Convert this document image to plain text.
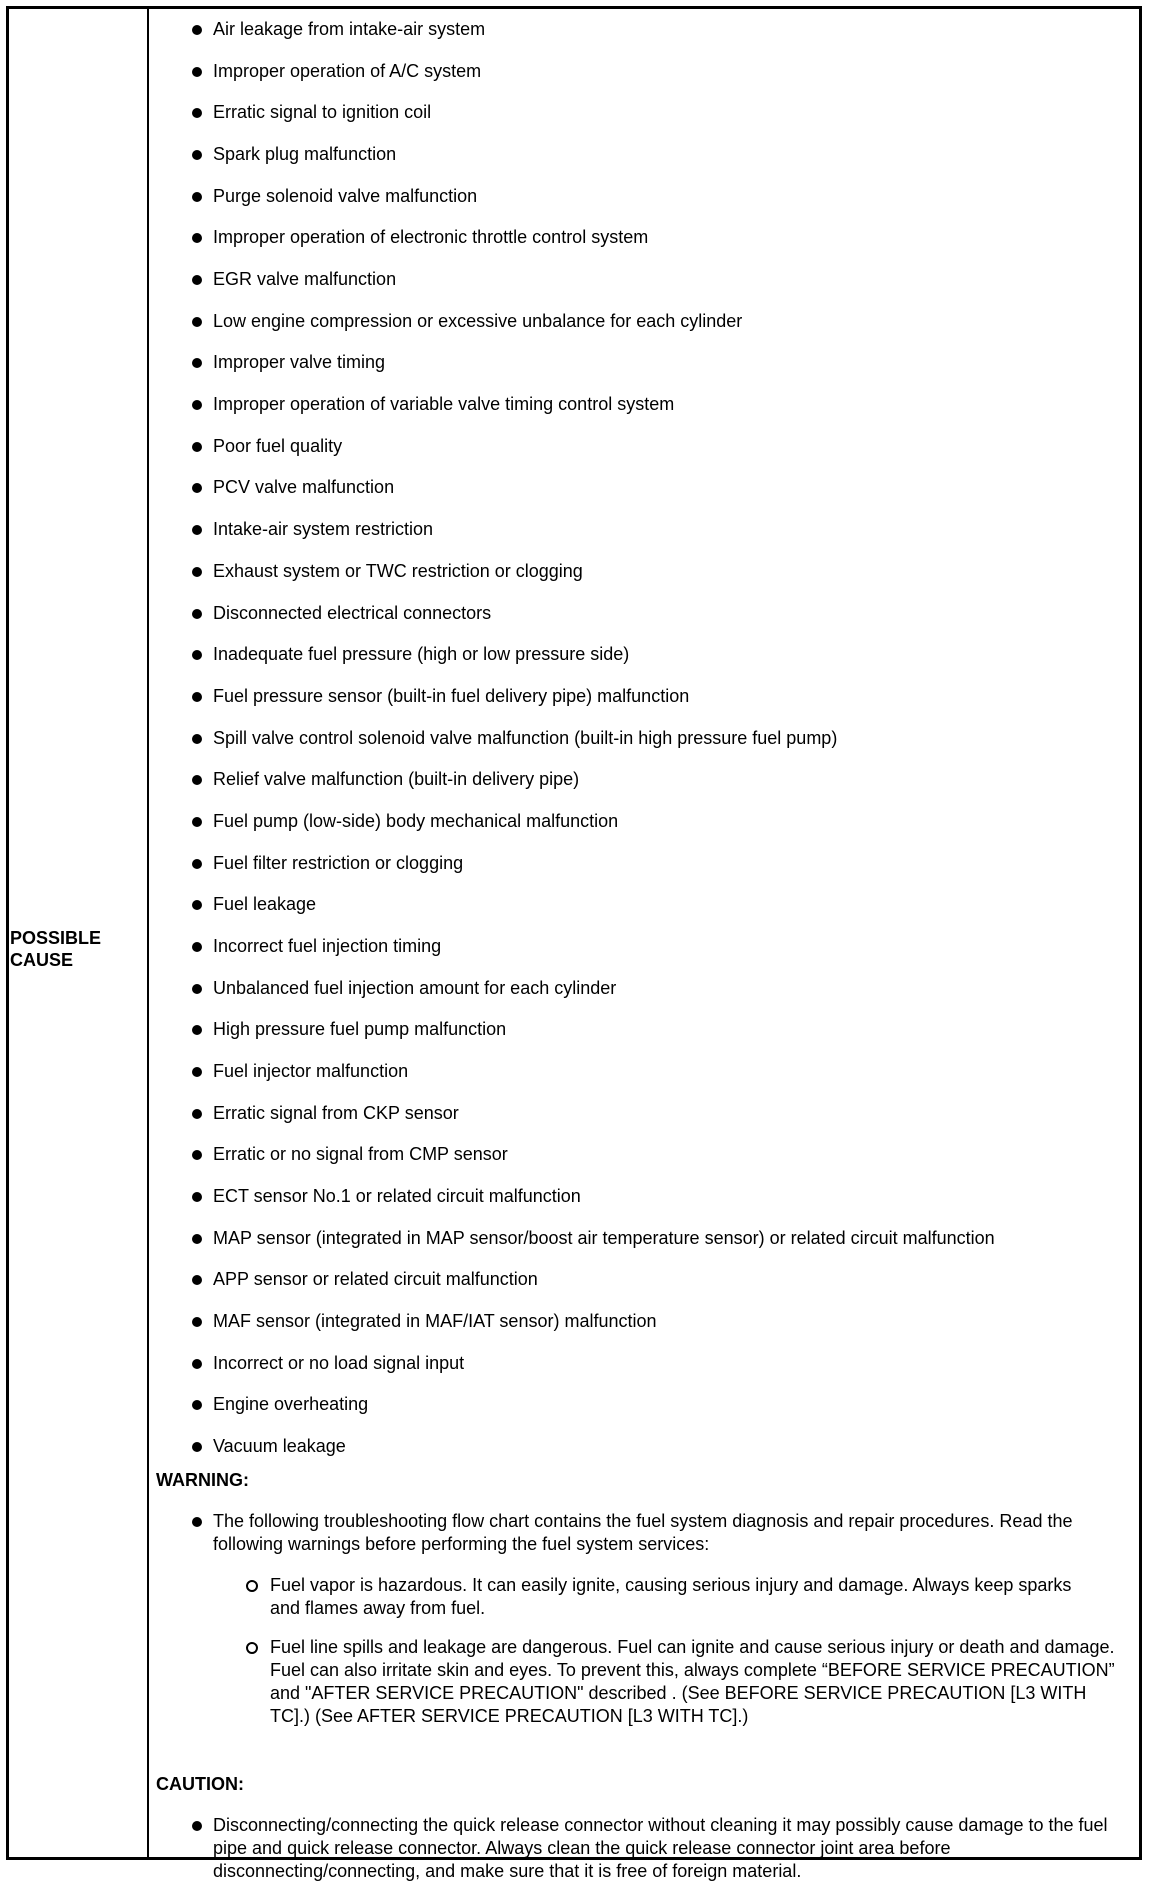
POSSIBLE
CAUSE
Air leakage from intake-air system
Improper operation of A/C system
Erratic signal to ignition coil
Spark plug malfunction
Purge solenoid valve malfunction
Improper operation of electronic throttle control system
EGR valve malfunction
Low engine compression or excessive unbalance for each cylinder
Improper valve timing
Improper operation of variable valve timing control system
Poor fuel quality
PCV valve malfunction
Intake-air system restriction
Exhaust system or TWC restriction or clogging
Disconnected electrical connectors
Inadequate fuel pressure (high or low pressure side)
Fuel pressure sensor (built-in fuel delivery pipe) malfunction
Spill valve control solenoid valve malfunction (built-in high pressure fuel pump)
Relief valve malfunction (built-in delivery pipe)
Fuel pump (low-side) body mechanical malfunction
Fuel filter restriction or clogging
Fuel leakage
Incorrect fuel injection timing
Unbalanced fuel injection amount for each cylinder
High pressure fuel pump malfunction
Fuel injector malfunction
Erratic signal from CKP sensor
Erratic or no signal from CMP sensor
ECT sensor No.1 or related circuit malfunction
MAP sensor (integrated in MAP sensor/boost air temperature sensor) or related circuit malfunction
APP sensor or related circuit malfunction
MAF sensor (integrated in MAF/IAT sensor) malfunction
Incorrect or no load signal input
Engine overheating
Vacuum leakage
WARNING:
The following troubleshooting flow chart contains the fuel system diagnosis and repair procedures. Read the following warnings before performing the fuel system services:
Fuel vapor is hazardous. It can easily ignite, causing serious injury and damage. Always keep sparks and flames away from fuel.
Fuel line spills and leakage are dangerous. Fuel can ignite and cause serious injury or death and damage. Fuel can also irritate skin and eyes. To prevent this, always complete “BEFORE SERVICE PRECAUTION” and "AFTER SERVICE PRECAUTION" described . (See BEFORE SERVICE PRECAUTION [L3 WITH TC].) (See AFTER SERVICE PRECAUTION [L3 WITH TC].)
CAUTION:
Disconnecting/connecting the quick release connector without cleaning it may possibly cause damage to the fuel pipe and quick release connector. Always clean the quick release connector joint area before disconnecting/connecting, and make sure that it is free of foreign material.
